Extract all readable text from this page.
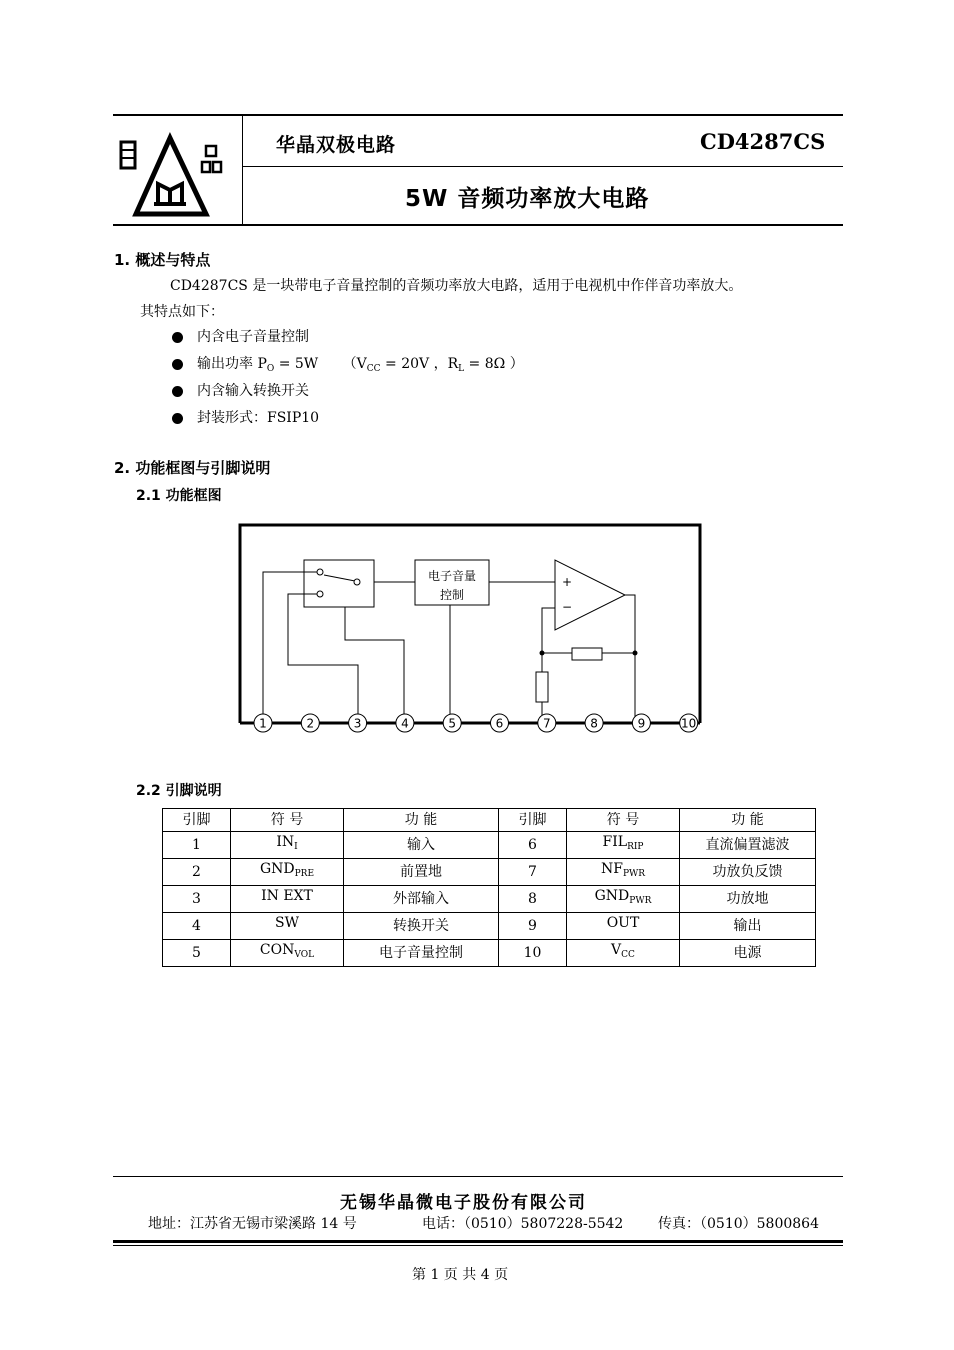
华晶双极电路	CD4287CS
5W 音频功率放大电路
1. 概述与特点
CD4287CS 是一块带电子音量控制的音频功率放大电路，适用于电视机中作伴音功率放大。
其特点如下：
内含电子音量控制
输出功率 $P_O = 5W$ （$V_{CC} = 20V$ ，$R_L = 8\Omega$ ）
内含输入转换开关
封装形式：FSIP10
2. 功能框图与引脚说明
2.1 功能框图
电子音量
控制
+
−
1	2	3	4	5	6	7	8	9	10
2.2 引脚说明
引脚	符 号	功 能	引脚	符 号	功 能
1	$IN_I$	输入	6	$FIL_{RIP}$	直流偏置滤波
2	$GND_{PRE}$	前置地	7	$NF_{PWR}$	功放负反馈
3	IN EXT	外部输入	8	$GND_{PWR}$	功放地
4	SW	转换开关	9	OUT	输出
5	$CON_{VOL}$	电子音量控制	10	$V_{CC}$	电源
无锡华晶微电子股份有限公司
地址：江苏省无锡市梁溪路 14 号	电话：（0510）5807228-5542 传真：（0510）5800864
第 1 页 共 4 页
